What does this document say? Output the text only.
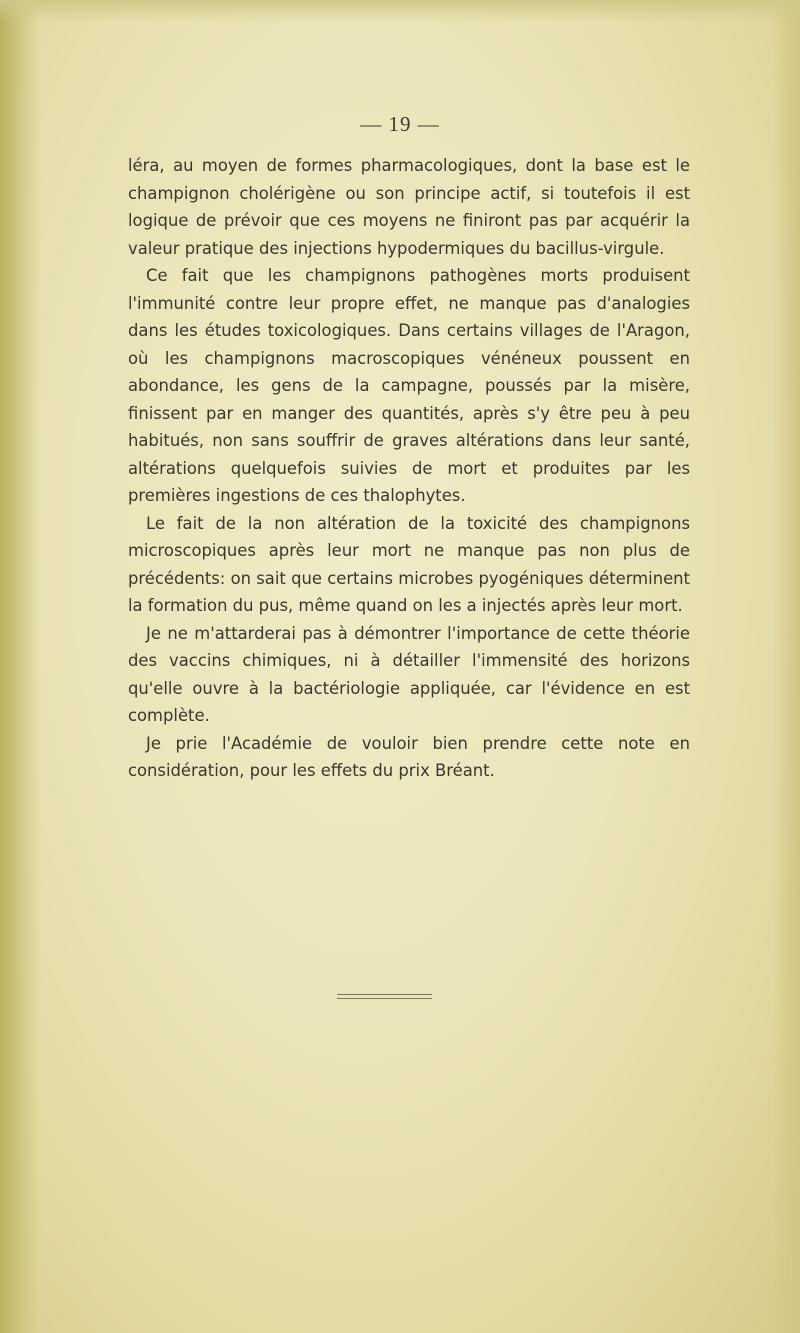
— 19 —

léra, au moyen de formes pharmacologiques, dont la base est le champignon cholérigène ou son principe actif, si toutefois il est logique de prévoir que ces moyens ne finiront pas par acquérir la valeur pratique des injections hypodermiques du bacillus-virgule.

Ce fait que les champignons pathogènes morts produisent l'immunité contre leur propre effet, ne manque pas d'analogies dans les études toxicologiques. Dans certains villages de l'Aragon, où les champignons macroscopiques vénéneux poussent en abondance, les gens de la campagne, poussés par la misère, finissent par en manger des quantités, après s'y être peu à peu habitués, non sans souffrir de graves altérations dans leur santé, altérations quelquefois suivies de mort et produites par les premières ingestions de ces thalophytes.

Le fait de la non altération de la toxicité des champignons microscopiques après leur mort ne manque pas non plus de précédents: on sait que certains microbes pyogéniques déterminent la formation du pus, même quand on les a injectés après leur mort.

Je ne m'attarderai pas à démontrer l'importance de cette théorie des vaccins chimiques, ni à détailler l'immensité des horizons qu'elle ouvre à la bactériologie appliquée, car l'évidence en est complète.

Je prie l'Académie de vouloir bien prendre cette note en considération, pour les effets du prix Bréant.
